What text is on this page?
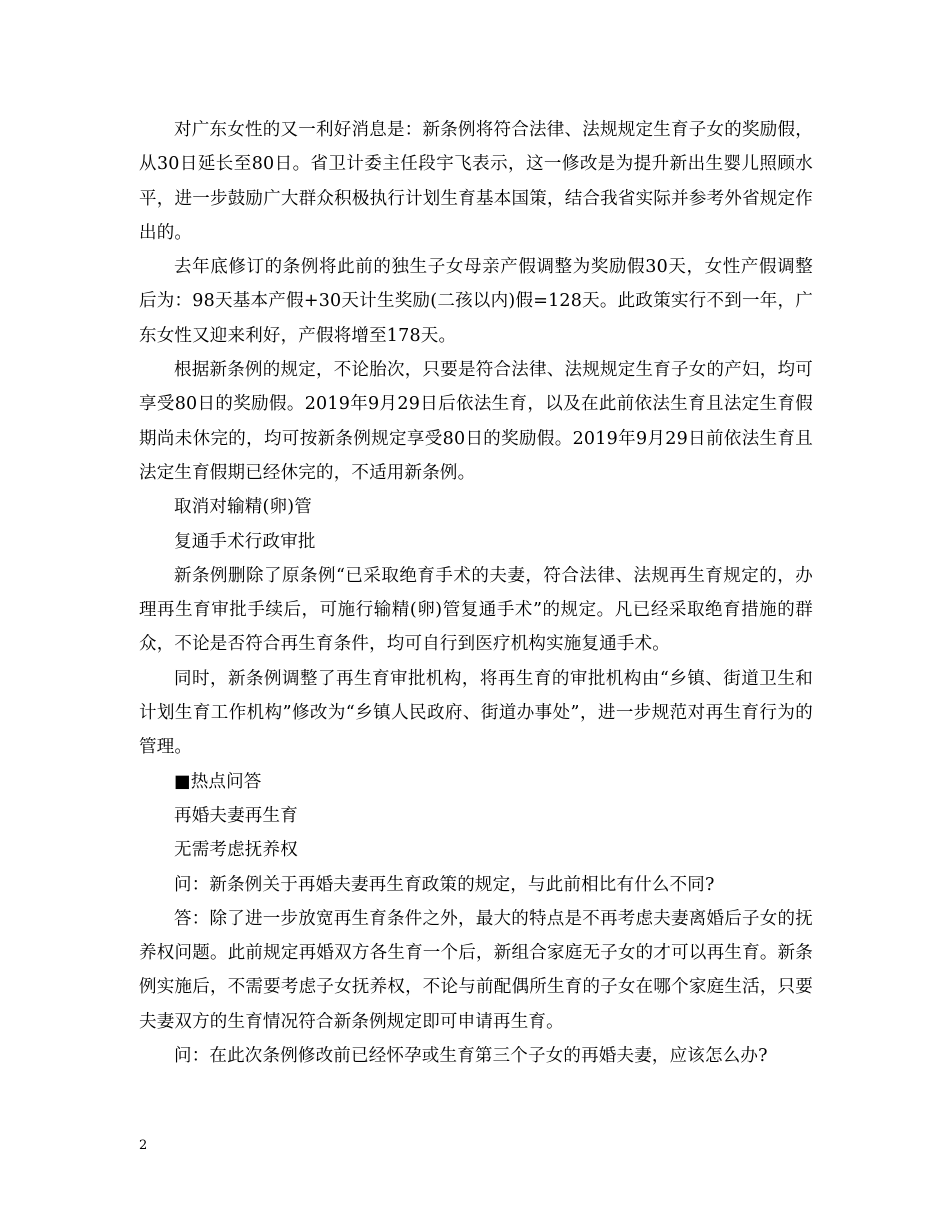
对广东女性的又一利好消息是：新条例将符合法律、法规规定生育子女的奖励假，从30日延长至80日。省卫计委主任段宇飞表示，这一修改是为提升新出生婴儿照顾水平，进一步鼓励广大群众积极执行计划生育基本国策，结合我省实际并参考外省规定作出的。

去年底修订的条例将此前的独生子女母亲产假调整为奖励假30天，女性产假调整后为：98天基本产假+30天计生奖励(二孩以内)假=128天。此政策实行不到一年，广东女性又迎来利好，产假将增至178天。

根据新条例的规定，不论胎次，只要是符合法律、法规规定生育子女的产妇，均可享受80日的奖励假。2019年9月29日后依法生育，以及在此前依法生育且法定生育假期尚未休完的，均可按新条例规定享受80日的奖励假。2019年9月29日前依法生育且法定生育假期已经休完的，不适用新条例。

取消对输精(卵)管

复通手术行政审批

新条例删除了原条例“已采取绝育手术的夫妻，符合法律、法规再生育规定的，办理再生育审批手续后，可施行输精(卵)管复通手术”的规定。凡已经采取绝育措施的群众，不论是否符合再生育条件，均可自行到医疗机构实施复通手术。

同时，新条例调整了再生育审批机构，将再生育的审批机构由“乡镇、街道卫生和计划生育工作机构”修改为“乡镇人民政府、街道办事处”，进一步规范对再生育行为的管理。

■热点问答

再婚夫妻再生育

无需考虑抚养权

问：新条例关于再婚夫妻再生育政策的规定，与此前相比有什么不同?

答：除了进一步放宽再生育条件之外，最大的特点是不再考虑夫妻离婚后子女的抚养权问题。此前规定再婚双方各生育一个后，新组合家庭无子女的才可以再生育。新条例实施后，不需要考虑子女抚养权，不论与前配偶所生育的子女在哪个家庭生活，只要夫妻双方的生育情况符合新条例规定即可申请再生育。

问：在此次条例修改前已经怀孕或生育第三个子女的再婚夫妻，应该怎么办?

2
